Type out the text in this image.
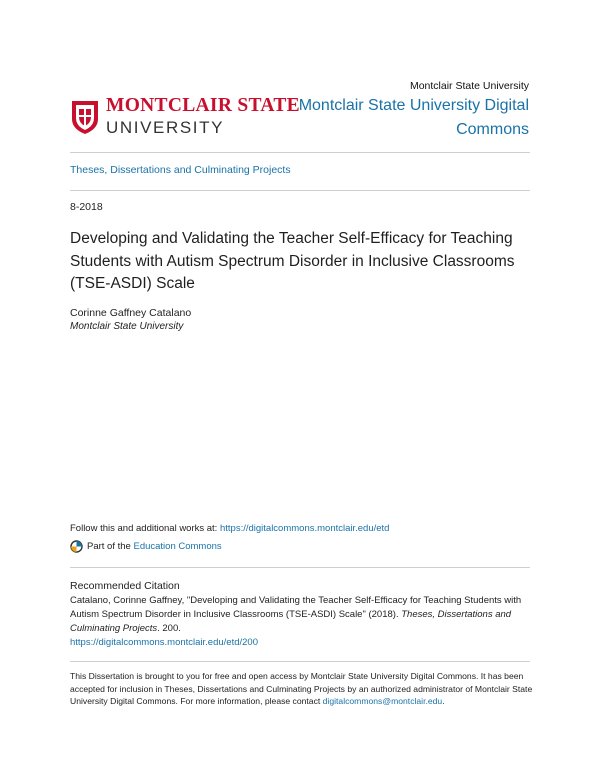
Montclair State University
MONTCLAIR STATE
UNIVERSITY
Montclair State University Digital Commons
Theses, Dissertations and Culminating Projects
8-2018
Developing and Validating the Teacher Self-Efficacy for Teaching Students with Autism Spectrum Disorder in Inclusive Classrooms (TSE-ASDI) Scale
Corinne Gaffney Catalano
Montclair State University
Follow this and additional works at: https://digitalcommons.montclair.edu/etd
Part of the
Education Commons
Recommended Citation
Catalano, Corinne Gaffney, "Developing and Validating the Teacher Self-Efficacy for Teaching Students with Autism Spectrum Disorder in Inclusive Classrooms (TSE-ASDI) Scale" (2018). Theses, Dissertations and Culminating Projects. 200.
https://digitalcommons.montclair.edu/etd/200
This Dissertation is brought to you for free and open access by Montclair State University Digital Commons. It has been accepted for inclusion in Theses, Dissertations and Culminating Projects by an authorized administrator of Montclair State University Digital Commons. For more information, please contact digitalcommons@montclair.edu.
